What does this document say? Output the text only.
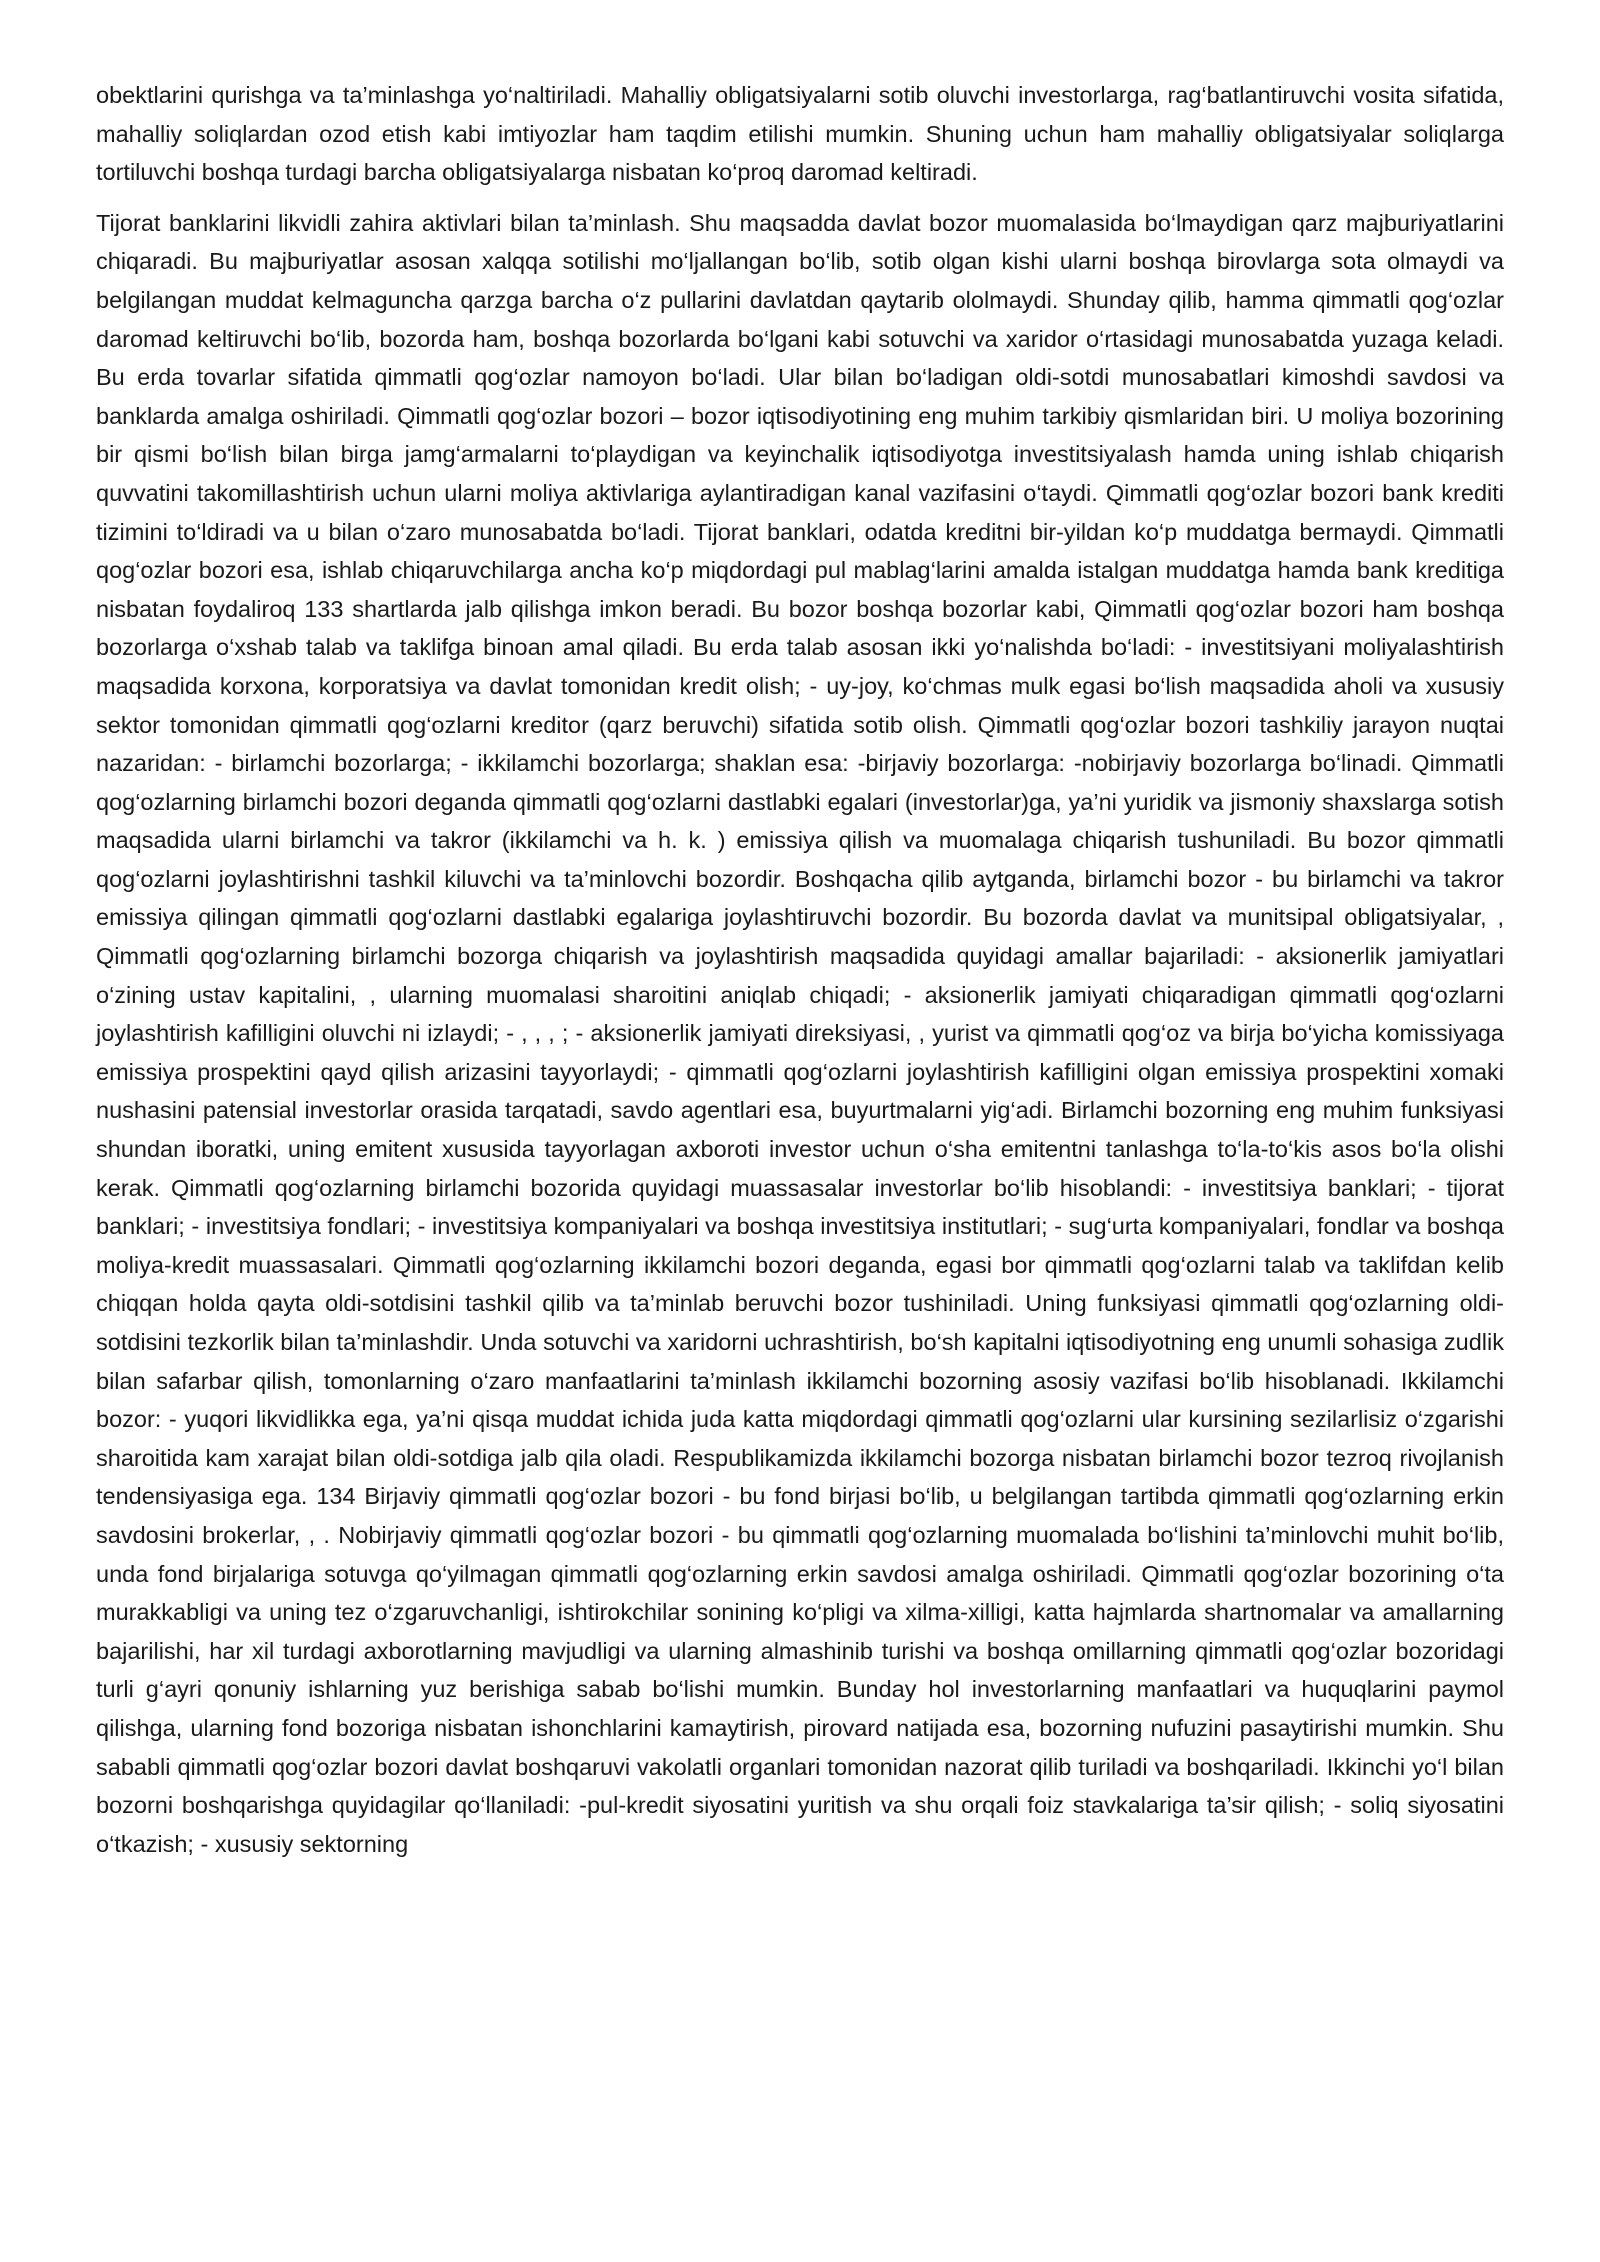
obektlarini qurishga va ta’minlashga yo‘naltiriladi. Mahalliy obligatsiyalarni sotib oluvchi investorlarga, rag‘batlantiruvchi vosita sifatida, mahalliy soliqlardan ozod etish kabi imtiyozlar ham taqdim etilishi mumkin. Shuning uchun ham mahalliy obligatsiyalar soliqlarga tortiluvchi boshqa turdagi barcha obligatsiyalarga nisbatan ko‘proq daromad keltiradi.

Tijorat banklarini likvidli zahira aktivlari bilan ta’minlash. Shu maqsadda davlat bozor muomalasida bo‘lmaydigan qarz majburiyatlarini chiqaradi. Bu majburiyatlar asosan xalqqa sotilishi mo‘ljallangan bo‘lib, sotib olgan kishi ularni boshqa birovlarga sota olmaydi va belgilangan muddat kelmaguncha qarzga barcha o‘z pullarini davlatdan qaytarib ololmaydi. Shunday qilib, hamma qimmatli qog‘ozlar daromad keltiruvchi bo‘lib, bozorda ham, boshqa bozorlarda bo‘lgani kabi sotuvchi va xaridor o‘rtasidagi munosabatda yuzaga keladi. Bu erda tovarlar sifatida qimmatli qog‘ozlar namoyon bo‘ladi. Ular bilan bo‘ladigan oldi-sotdi munosabatlari kimoshdi savdosi va banklarda amalga oshiriladi. Qimmatli qog‘ozlar bozori – bozor iqtisodiyotining eng muhim tarkibiy qismlaridan biri. U moliya bozorining bir qismi bo‘lish bilan birga jamg‘armalarni to‘playdigan va keyinchalik iqtisodiyotga investitsiyalash hamda uning ishlab chiqarish quvvatini takomillashtirish uchun ularni moliya aktivlariga aylantiradigan kanal vazifasini o‘taydi. Qimmatli qog‘ozlar bozori bank krediti tizimini to‘ldiradi va u bilan o‘zaro munosabatda bo‘ladi. Tijorat banklari, odatda kreditni bir-yildan ko‘p muddatga bermaydi. Qimmatli qog‘ozlar bozori esa, ishlab chiqaruvchilarga ancha ko‘p miqdordagi pul mablag‘larini amalda istalgan muddatga hamda bank kreditiga nisbatan foydaliroq 133 shartlarda jalb qilishga imkon beradi. Bu bozor boshqa bozorlar kabi, Qimmatli qog‘ozlar bozori ham boshqa bozorlarga o‘xshab talab va taklifga binoan amal qiladi. Bu erda talab asosan ikki yo‘nalishda bo‘ladi: - investitsiyani moliyalashtirish maqsadida korxona, korporatsiya va davlat tomonidan kredit olish; - uy-joy, ko‘chmas mulk egasi bo‘lish maqsadida aholi va xususiy sektor tomonidan qimmatli qog‘ozlarni kreditor (qarz beruvchi) sifatida sotib olish. Qimmatli qog‘ozlar bozori tashkiliy jarayon nuqtai nazaridan: - birlamchi bozorlarga; - ikkilamchi bozorlarga; shaklan esa: -birjaviy bozorlarga: -nobirjaviy bozorlarga bo‘linadi. Qimmatli qog‘ozlarning birlamchi bozori deganda qimmatli qog‘ozlarni dastlabki egalari (investorlar)ga, ya’ni yuridik va jismoniy shaxslarga sotish maqsadida ularni birlamchi va takror (ikkilamchi va h. k. ) emissiya qilish va muomalaga chiqarish tushuniladi. Bu bozor qimmatli qog‘ozlarni joylashtirishni tashkil kiluvchi va ta’minlovchi bozordir. Boshqacha qilib aytganda, birlamchi bozor - bu birlamchi va takror emissiya qilingan qimmatli qog‘ozlarni dastlabki egalariga joylashtiruvchi bozordir. Bu bozorda davlat va munitsipal obligatsiyalar, , Qimmatli qog‘ozlarning birlamchi bozorga chiqarish va joylashtirish maqsadida quyidagi amallar bajariladi: - aksionerlik jamiyatlari o‘zining ustav kapitalini, , ularning muomalasi sharoitini aniqlab chiqadi; - aksionerlik jamiyati chiqaradigan qimmatli qog‘ozlarni joylashtirish kafilligini oluvchi ni izlaydi; - , , , ; - aksionerlik jamiyati direksiyasi, , yurist va qimmatli qog‘oz va birja bo‘yicha komissiyaga emissiya prospektini qayd qilish arizasini tayyorlaydi; - qimmatli qog‘ozlarni joylashtirish kafilligini olgan emissiya prospektini xomaki nushasini patensial investorlar orasida tarqatadi, savdo agentlari esa, buyurtmalarni yig‘adi. Birlamchi bozorning eng muhim funksiyasi shundan iboratki, uning emitent xususida tayyorlagan axboroti investor uchun o‘sha emitentni tanlashga to‘la-to‘kis asos bo‘la olishi kerak. Qimmatli qog‘ozlarning birlamchi bozorida quyidagi muassasalar investorlar bo‘lib hisoblandi: - investitsiya banklari; - tijorat banklari; - investitsiya fondlari; - investitsiya kompaniyalari va boshqa investitsiya institutlari; - sug‘urta kompaniyalari, fondlar va boshqa moliya-kredit muassasalari. Qimmatli qog‘ozlarning ikkilamchi bozori deganda, egasi bor qimmatli qog‘ozlarni talab va taklifdan kelib chiqqan holda qayta oldi-sotdisini tashkil qilib va ta’minlab beruvchi bozor tushiniladi. Uning funksiyasi qimmatli qog‘ozlarning oldi-sotdisini tezkorlik bilan ta’minlashdir. Unda sotuvchi va xaridorni uchrashtirish, bo‘sh kapitalni iqtisodiyotning eng unumli sohasiga zudlik bilan safarbar qilish, tomonlarning o‘zaro manfaatlarini ta’minlash ikkilamchi bozorning asosiy vazifasi bo‘lib hisoblanadi. Ikkilamchi bozor: - yuqori likvidlikka ega, ya’ni qisqa muddat ichida juda katta miqdordagi qimmatli qog‘ozlarni ular kursining sezilarlisiz o‘zgarishi sharoitida kam xarajat bilan oldi-sotdiga jalb qila oladi. Respublikamizda ikkilamchi bozorga nisbatan birlamchi bozor tezroq rivojlanish tendensiyasiga ega. 134 Birjaviy qimmatli qog‘ozlar bozori - bu fond birjasi bo‘lib, u belgilangan tartibda qimmatli qog‘ozlarning erkin savdosini brokerlar, , . Nobirjaviy qimmatli qog‘ozlar bozori - bu qimmatli qog‘ozlarning muomalada bo‘lishini ta’minlovchi muhit bo‘lib, unda fond birjalariga sotuvga qo‘yilmagan qimmatli qog‘ozlarning erkin savdosi amalga oshiriladi. Qimmatli qog‘ozlar bozorining o‘ta murakkabligi va uning tez o‘zgaruvchanligi, ishtirokchilar sonining ko‘pligi va xilma-xilligi, katta hajmlarda shartnomalar va amallarning bajarilishi, har xil turdagi axborotlarning mavjudligi va ularning almashinib turishi va boshqa omillarning qimmatli qog‘ozlar bozoridagi turli g‘ayri qonuniy ishlarning yuz berishiga sabab bo‘lishi mumkin. Bunday hol investorlarning manfaatlari va huquqlarini paymol qilishga, ularning fond bozoriga nisbatan ishonchlarini kamaytirish, pirovard natijada esa, bozorning nufuzini pasaytirishi mumkin. Shu sababli qimmatli qog‘ozlar bozori davlat boshqaruvi vakolatli organlari tomonidan nazorat qilib turiladi va boshqariladi. Ikkinchi yo‘l bilan bozorni boshqarishga quyidagilar qo‘llaniladi: -pul-kredit siyosatini yuritish va shu orqali foiz stavkalariga ta’sir qilish; - soliq siyosatini o‘tkazish; - xususiy sektorning
